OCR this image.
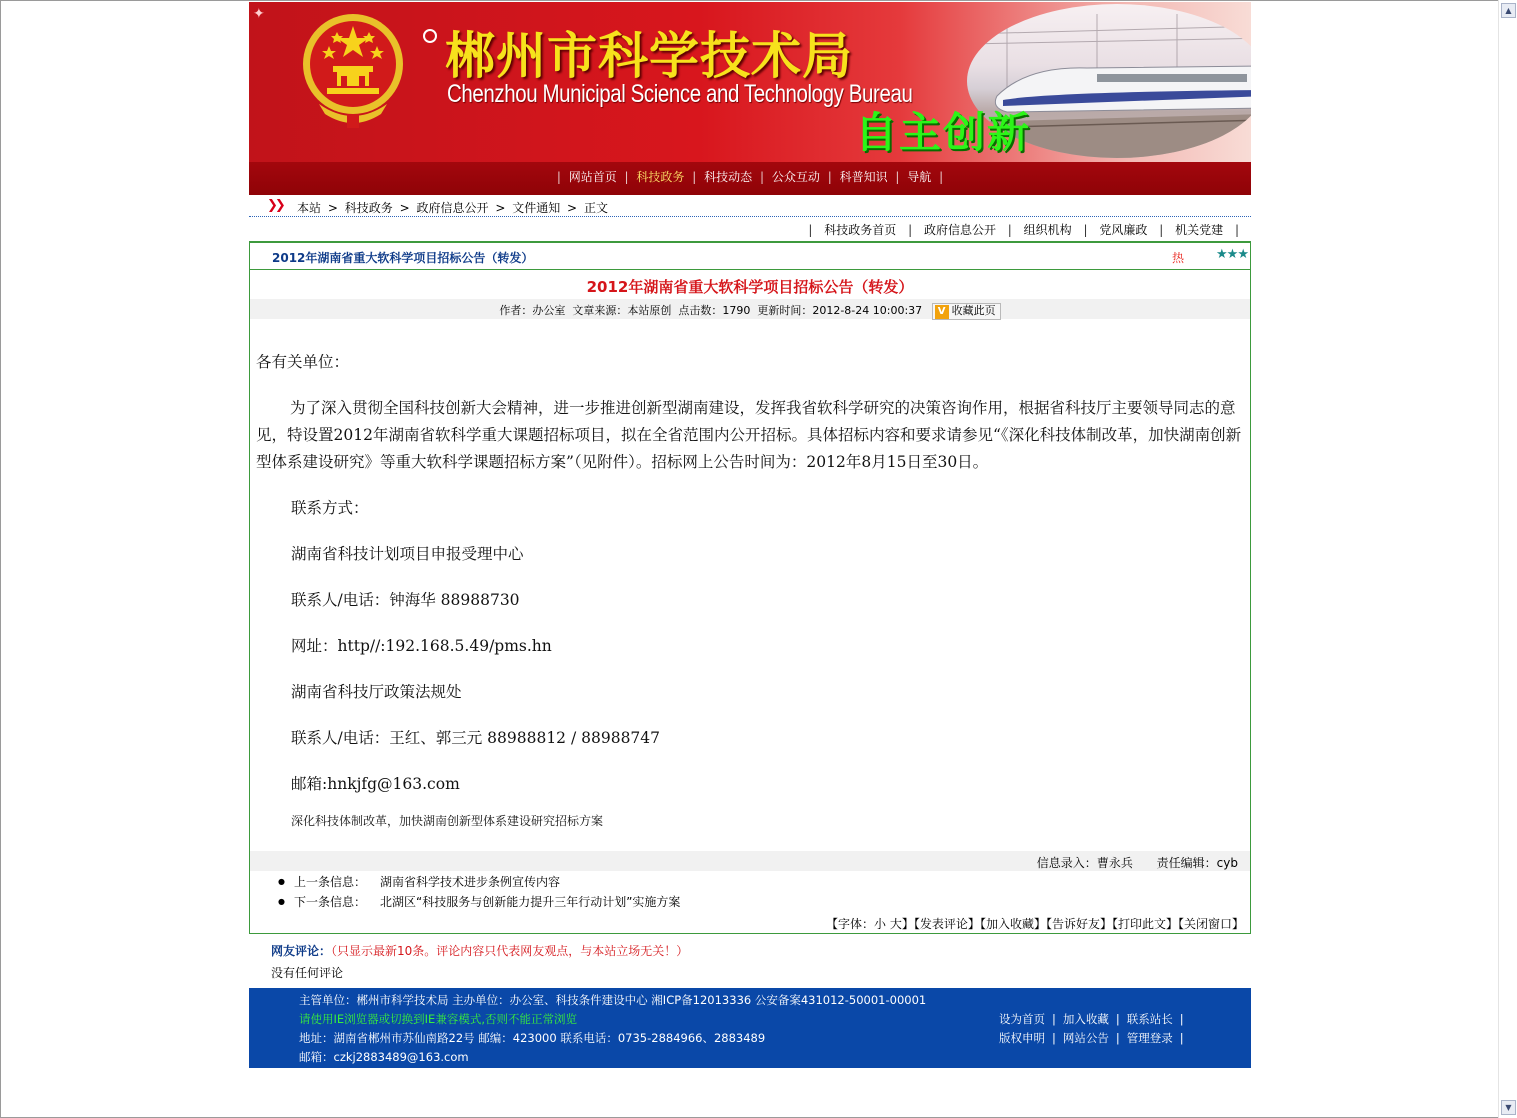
▲
▼
✦
郴州市科学技术局
Chenzhou Municipal Science and Technology Bureau
自主创新
| 网站首页 | 科技政务 | 科技动态 | 公众互动 | 科普知识 | 导航 |
❯❯ 本站 > 科技政务 > 政府信息公开 > 文件通知 > 正文
| 科技政务首页 | 政府信息公开 | 组织机构 | 党风廉政 | 机关党建 |
2012年湖南省重大软科学项目招标公告（转发）	热 ★★★
2012年湖南省重大软科学项目招标公告（转发）
作者：办公室 文章来源：本站原创 点击数：1790 更新时间：2012-8-24 10:00:37 V 收藏此页

各有关单位：

为了深入贯彻全国科技创新大会精神，进一步推进创新型湖南建设，发挥我省软科学研究的决策咨询作用，根据省科技厅主要领导同志的意见，特设置2012年湖南省软科学重大课题招标项目，拟在全省范围内公开招标。具体招标内容和要求请参见“《深化科技体制改革，加快湖南创新型体系建设研究》等重大软科学课题招标方案”（见附件）。招标网上公告时间为：2012年8月15日至30日。

联系方式：

湖南省科技计划项目申报受理中心

联系人/电话：钟海华 88988730

网址：http//:192.168.5.49/pms.hn

湖南省科技厅政策法规处

联系人/电话：王红、郭三元 88988812 / 88988747

邮箱:hnkjfg@163.com

深化科技体制改革，加快湖南创新型体系建设研究招标方案

信息录入：曹永兵 责任编辑：cyb
● 上一条信息： 湖南省科学技术进步条例宣传内容
● 下一条信息： 北湖区“科技服务与创新能力提升三年行动计划”实施方案
【字体：小 大】【发表评论】【加入收藏】【告诉好友】【打印此文】【关闭窗口】
网友评论：（只显示最新10条。评论内容只代表网友观点，与本站立场无关！）
没有任何评论
主管单位：郴州市科学技术局 主办单位：办公室、科技条件建设中心 湘ICP备12013336 公安备案431012-50001-00001
请使用IE浏览器或切换到IE兼容模式,否则不能正常浏览
地址：湖南省郴州市苏仙南路22号 邮编：423000 联系电话：0735-2884966、2883489
邮箱：czkj2883489@163.com
设为首页 | 加入收藏 | 联系站长 |
版权申明 | 网站公告 | 管理登录 |
